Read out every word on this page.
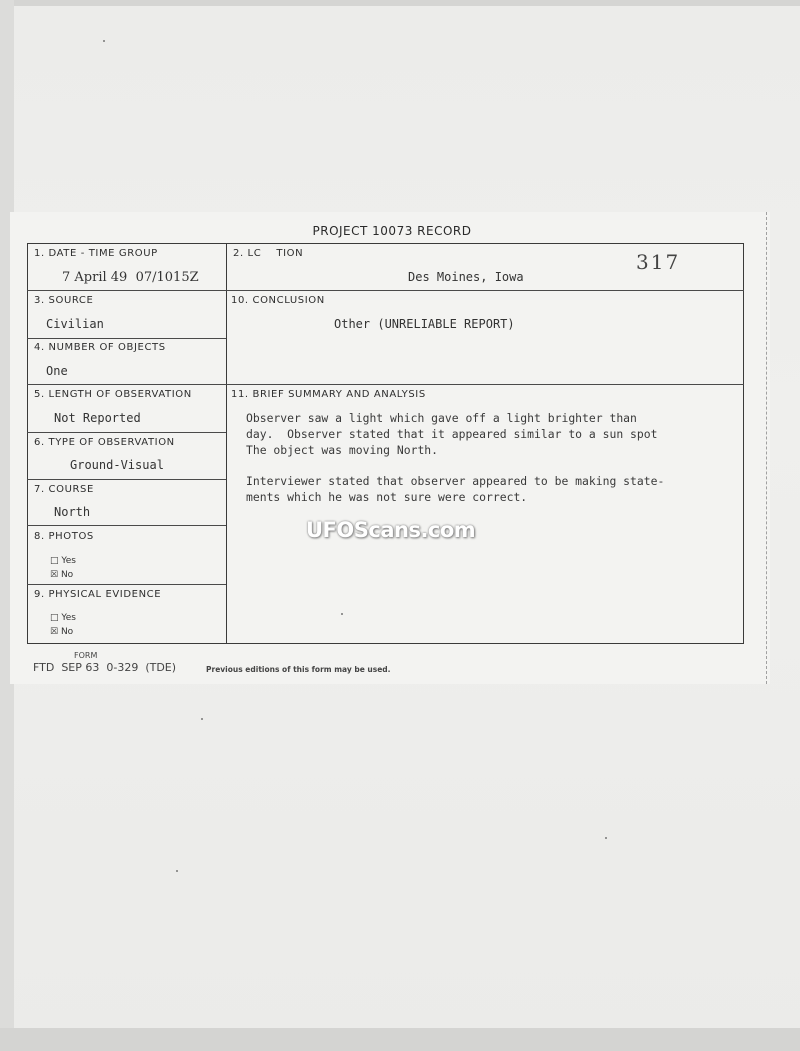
PROJECT 10073 RECORD
1. DATE - TIME GROUP
7 April 49  07/1015Z
2. LC    TION
Des Moines, Iowa
317
3. SOURCE
Civilian
10. CONCLUSION
Other (UNRELIABLE REPORT)
4. NUMBER OF OBJECTS
One
5. LENGTH OF OBSERVATION
Not Reported
11. BRIEF SUMMARY AND ANALYSIS
Observer saw a light which gave off a light brighter than
day.  Observer stated that it appeared similar to a sun spot
The object was moving North.
Interviewer stated that observer appeared to be making state-
ments which he was not sure were correct.
6. TYPE OF OBSERVATION
Ground-Visual
7. COURSE
North
8. PHOTOS
□ Yes
☒ No
9. PHYSICAL EVIDENCE
□ Yes
☒ No
FORM
FTD  SEP 63  0-329  (TDE)	Previous editions of this form may be used.
UFOScans.com
